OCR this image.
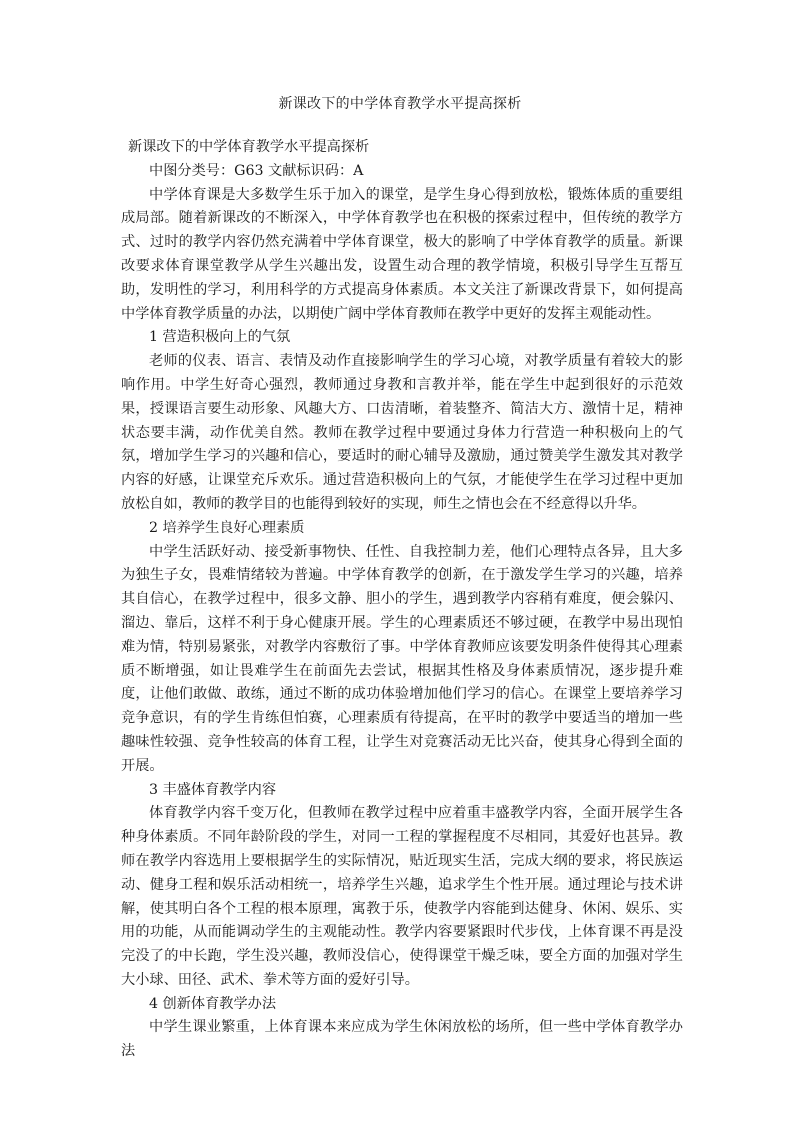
新课改下的中学体育教学水平提高探析

新课改下的中学体育教学水平提高探析

中图分类号：G63 文献标识码：A

中学体育课是大多数学生乐于加入的课堂，是学生身心得到放松，锻炼体质的重要组成局部。随着新课改的不断深入，中学体育教学也在积极的探索过程中，但传统的教学方式、过时的教学内容仍然充满着中学体育课堂，极大的影响了中学体育教学的质量。新课改要求体育课堂教学从学生兴趣出发，设置生动合理的教学情境，积极引导学生互帮互助，发明性的学习，利用科学的方式提高身体素质。本文关注了新课改背景下，如何提高中学体育教学质量的办法，以期使广阔中学体育教师在教学中更好的发挥主观能动性。

1 营造积极向上的气氛

老师的仪表、语言、表情及动作直接影响学生的学习心境，对教学质量有着较大的影响作用。中学生好奇心强烈，教师通过身教和言教并举，能在学生中起到很好的示范效果，授课语言要生动形象、风趣大方、口齿清晰，着装整齐、简洁大方、激情十足，精神状态要丰满，动作优美自然。教师在教学过程中要通过身体力行营造一种积极向上的气氛，增加学生学习的兴趣和信心，要适时的耐心辅导及激励，通过赞美学生激发其对教学内容的好感，让课堂充斥欢乐。通过营造积极向上的气氛，才能使学生在学习过程中更加放松自如，教师的教学目的也能得到较好的实现，师生之情也会在不经意得以升华。

2 培养学生良好心理素质

中学生活跃好动、接受新事物快、任性、自我控制力差，他们心理特点各异，且大多为独生子女，畏难情绪较为普遍。中学体育教学的创新，在于激发学生学习的兴趣，培养其自信心，在教学过程中，很多文静、胆小的学生，遇到教学内容稍有难度，便会躲闪、溜边、靠后，这样不利于身心健康开展。学生的心理素质还不够过硬，在教学中易出现怕难为情，特别易紧张，对教学内容敷衍了事。中学体育教师应该要发明条件使得其心理素质不断增强，如让畏难学生在前面先去尝试，根据其性格及身体素质情况，逐步提升难度，让他们敢做、敢练，通过不断的成功体验增加他们学习的信心。在课堂上要培养学习竞争意识，有的学生肯练但怕赛，心理素质有待提高，在平时的教学中要适当的增加一些趣味性较强、竞争性较高的体育工程，让学生对竞赛活动无比兴奋，使其身心得到全面的开展。

3 丰盛体育教学内容

体育教学内容千变万化，但教师在教学过程中应着重丰盛教学内容，全面开展学生各种身体素质。不同年龄阶段的学生，对同一工程的掌握程度不尽相同，其爱好也甚异。教师在教学内容选用上要根据学生的实际情况，贴近现实生活，完成大纲的要求，将民族运动、健身工程和娱乐活动相统一，培养学生兴趣，追求学生个性开展。通过理论与技术讲解，使其明白各个工程的根本原理，寓教于乐，使教学内容能到达健身、休闲、娱乐、实用的功能，从而能调动学生的主观能动性。教学内容要紧跟时代步伐，上体育课不再是没完没了的中长跑，学生没兴趣，教师没信心，使得课堂干燥乏味，要全方面的加强对学生大小球、田径、武术、拳术等方面的爱好引导。

4 创新体育教学办法

中学生课业繁重，上体育课本来应成为学生休闲放松的场所，但一些中学体育教学办法
